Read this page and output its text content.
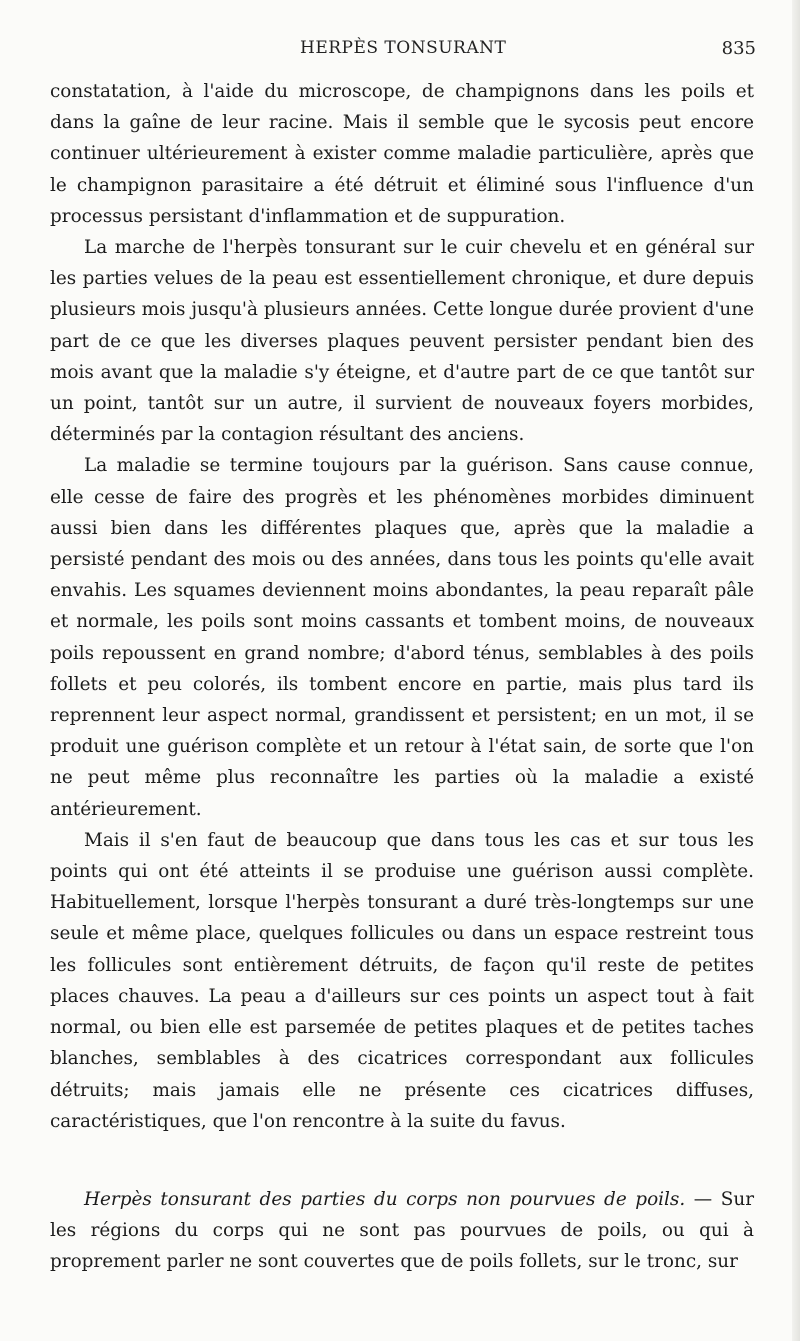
HERPÈS TONSURANT	835

constatation, à l'aide du microscope, de champignons dans les poils et dans la gaîne de leur racine. Mais il semble que le sycosis peut encore continuer ultérieurement à exister comme maladie particulière, après que le champignon parasitaire a été détruit et éliminé sous l'influence d'un processus persistant d'inflammation et de suppuration.

La marche de l'herpès tonsurant sur le cuir chevelu et en général sur les parties velues de la peau est essentiellement chronique, et dure depuis plusieurs mois jusqu'à plusieurs années. Cette longue durée provient d'une part de ce que les diverses plaques peuvent persister pendant bien des mois avant que la maladie s'y éteigne, et d'autre part de ce que tantôt sur un point, tantôt sur un autre, il survient de nouveaux foyers morbides, déterminés par la contagion résultant des anciens.

La maladie se termine toujours par la guérison. Sans cause connue, elle cesse de faire des progrès et les phénomènes morbides diminuent aussi bien dans les différentes plaques que, après que la maladie a persisté pendant des mois ou des années, dans tous les points qu'elle avait envahis. Les squames deviennent moins abondantes, la peau reparaît pâle et normale, les poils sont moins cassants et tombent moins, de nouveaux poils repoussent en grand nombre; d'abord ténus, semblables à des poils follets et peu colorés, ils tombent encore en partie, mais plus tard ils reprennent leur aspect normal, grandissent et persistent; en un mot, il se produit une guérison complète et un retour à l'état sain, de sorte que l'on ne peut même plus reconnaître les parties où la maladie a existé antérieurement.

Mais il s'en faut de beaucoup que dans tous les cas et sur tous les points qui ont été atteints il se produise une guérison aussi complète. Habituellement, lorsque l'herpès tonsurant a duré très-longtemps sur une seule et même place, quelques follicules ou dans un espace restreint tous les follicules sont entièrement détruits, de façon qu'il reste de petites places chauves. La peau a d'ailleurs sur ces points un aspect tout à fait normal, ou bien elle est parsemée de petites plaques et de petites taches blanches, semblables à des cicatrices correspondant aux follicules détruits; mais jamais elle ne présente ces cicatrices diffuses, caractéristiques, que l'on rencontre à la suite du favus.

Herpès tonsurant des parties du corps non pourvues de poils. — Sur les régions du corps qui ne sont pas pourvues de poils, ou qui à proprement parler ne sont couvertes que de poils follets, sur le tronc, sur
